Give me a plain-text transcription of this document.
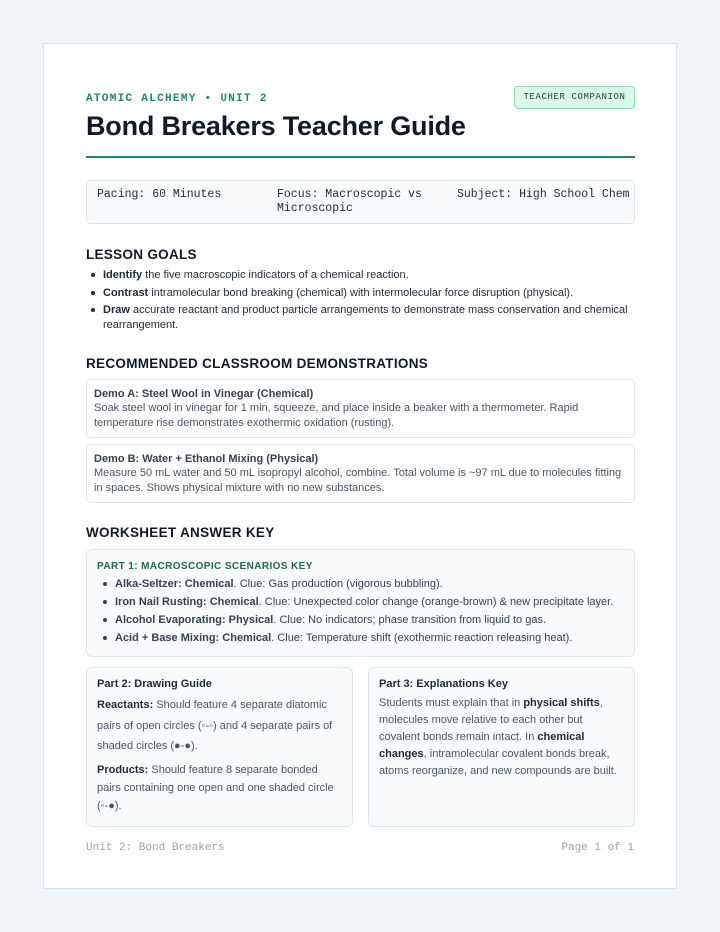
ATOMIC ALCHEMY • UNIT 2	TEACHER COMPANION
Bond Breakers Teacher Guide
Pacing: 60 Minutes	Focus: Macroscopic vs
Microscopic
Subject: High School Chem
LESSON GOALS
Identify the five macroscopic indicators of a chemical reaction.
Contrast intramolecular bond breaking (chemical) with intermolecular force disruption (physical).
Draw accurate reactant and product particle arrangements to demonstrate mass conservation and chemical rearrangement.
RECOMMENDED CLASSROOM DEMONSTRATIONS
Demo A: Steel Wool in Vinegar (Chemical)
Soak steel wool in vinegar for 1 min, squeeze, and place inside a beaker with a thermometer. Rapid temperature rise demonstrates exothermic oxidation (rusting).
Demo B: Water + Ethanol Mixing (Physical)
Measure 50 mL water and 50 mL isopropyl alcohol, combine. Total volume is ~97 mL due to molecules fitting in spaces. Shows physical mixture with no new substances.
WORKSHEET ANSWER KEY
PART 1: MACROSCOPIC SCENARIOS KEY
Alka-Seltzer: Chemical. Clue: Gas production (vigorous bubbling).
Iron Nail Rusting: Chemical. Clue: Unexpected color change (orange-brown) & new precipitate layer.
Alcohol Evaporating: Physical. Clue: No indicators; phase transition from liquid to gas.
Acid + Base Mixing: Chemical. Clue: Temperature shift (exothermic reaction releasing heat).
Part 2: Drawing Guide

Reactants: Should feature 4 separate diatomic pairs of open circles (◦-◦) and 4 separate pairs of shaded circles (●-●).

Products: Should feature 8 separate bonded pairs containing one open and one shaded circle (◦-●).

Part 3: Explanations Key

Students must explain that in physical shifts, molecules move relative to each other but covalent bonds remain intact. In chemical changes, intramolecular covalent bonds break, atoms reorganize, and new compounds are built.

Unit 2: Bond Breakers	Page 1 of 1
